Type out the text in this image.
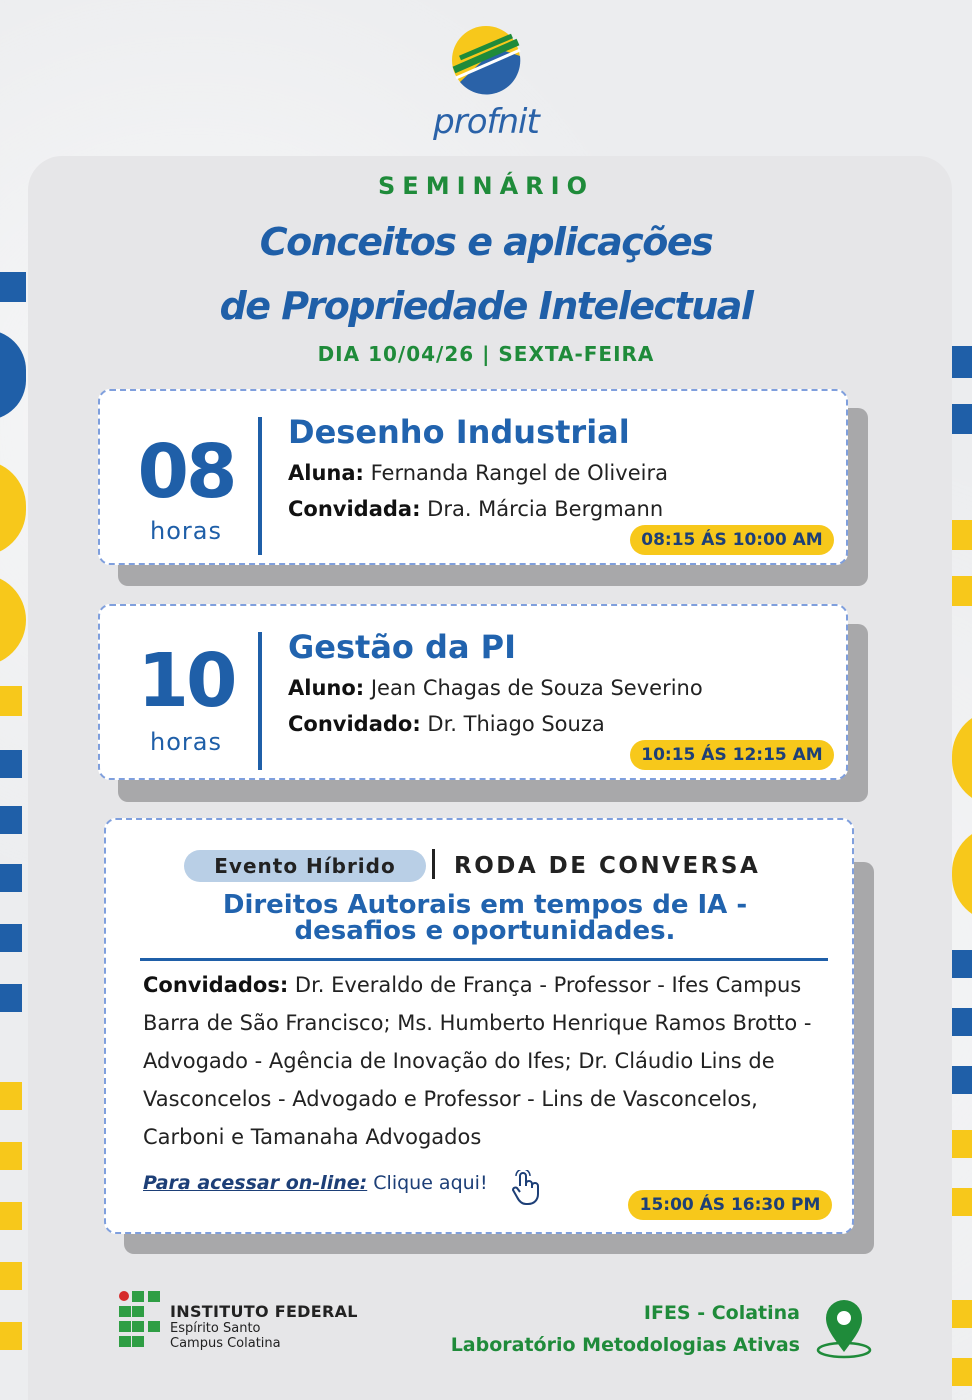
profnit
SEMINÁRIO
Conceitos e aplicações
de Propriedade Intelectual
DIA 10/04/26 | SEXTA-FEIRA
08
horas
Desenho Industrial
Aluna: Fernanda Rangel de Oliveira
Convidada: Dra. Márcia Bergmann
08:15 ÁS 10:00 AM
10
horas
Gestão da PI
Aluno: Jean Chagas de Souza Severino
Convidado: Dr. Thiago Souza
10:15 ÁS 12:15 AM
Evento Híbrido	RODA DE CONVERSA
Direitos Autorais em tempos de IA -
desafios e oportunidades.
Convidados: Dr. Everaldo de França - Professor - Ifes Campus Barra de São Francisco; Ms. Humberto Henrique Ramos Brotto - Advogado - Agência de Inovação do Ifes; Dr. Cláudio Lins de Vasconcelos - Advogado e Professor - Lins de Vasconcelos, Carboni e Tamanaha Advogados
Para acessar on-line: Clique aqui!
15:00 ÁS 16:30 PM
INSTITUTO FEDERAL
Espírito Santo
Campus Colatina
IFES - Colatina
Laboratório Metodologias Ativas
